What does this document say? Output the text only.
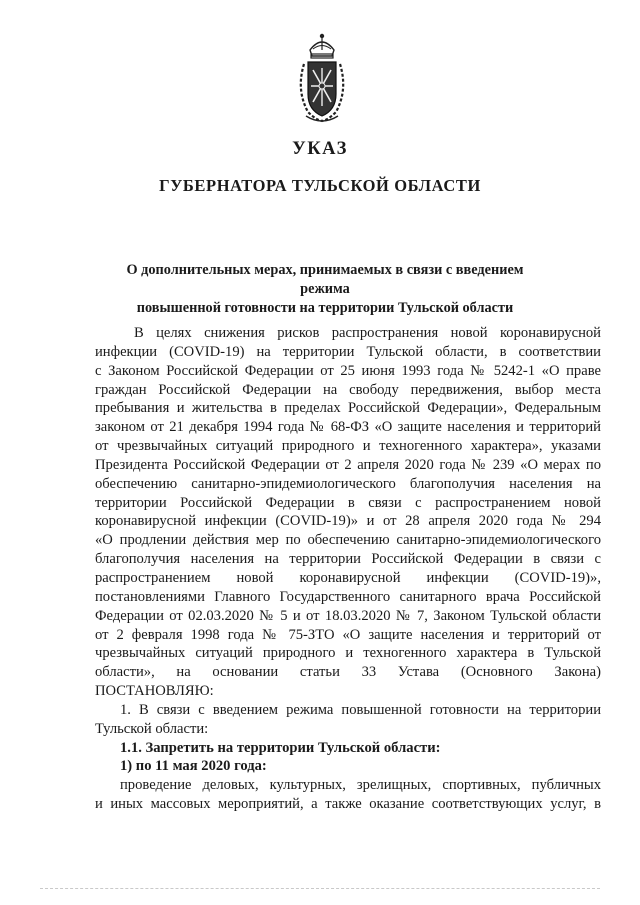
УКАЗ
ГУБЕРНАТОРА ТУЛЬСКОЙ ОБЛАСТИ
О дополнительных мерах, принимаемых в связи с введением режима
повышенной готовности на территории Тульской области
В целях снижения рисков распространения новой коронавирусной
инфекции (COVID-19) на территории Тульской области, в соответствии
с Законом Российской Федерации от 25 июня 1993 года № 5242-1 «О праве
граждан Российской Федерации на свободу передвижения, выбор места
пребывания и жительства в пределах Российской Федерации», Федеральным
законом от 21 декабря 1994 года № 68-ФЗ «О защите населения и территорий
от чрезвычайных ситуаций природного и техногенного характера», указами
Президента Российской Федерации от 2 апреля 2020 года № 239 «О мерах по
обеспечению санитарно-эпидемиологического благополучия населения на
территории Российской Федерации в связи с распространением новой
коронавирусной инфекции (COVID-19)» и от 28 апреля 2020 года № 294
«О продлении действия мер по обеспечению санитарно-эпидемиологического
благополучия населения на территории Российской Федерации в связи с
распространением новой коронавирусной инфекции (COVID-19)»,
постановлениями Главного Государственного санитарного врача Российской
Федерации от 02.03.2020 № 5 и от 18.03.2020 № 7, Законом Тульской области
от 2 февраля 1998 года № 75-ЗТО «О защите населения и территорий от
чрезвычайных ситуаций природного и техногенного характера в Тульской
области», на основании статьи 33 Устава (Основного Закона)
ПОСТАНОВЛЯЮ:
1. В связи с введением режима повышенной готовности на территории
Тульской области:
1.1. Запретить на территории Тульской области:
1) по 11 мая 2020 года:
проведение деловых, культурных, зрелищных, спортивных, публичных
и иных массовых мероприятий, а также оказание соответствующих услуг, в
